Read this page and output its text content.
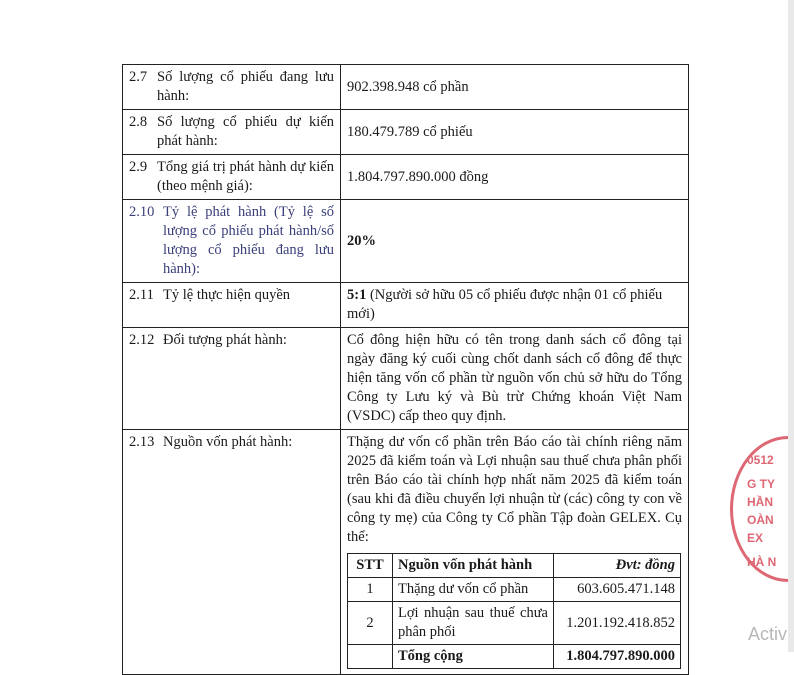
2.7 Số lượng cổ phiếu đang lưu hành:
	902.398.948 cổ phần

2.8 Số lượng cổ phiếu dự kiến phát hành:
	180.479.789 cổ phiếu

2.9 Tổng giá trị phát hành dự kiến (theo mệnh giá):
	1.804.797.890.000 đồng

2.10 Tỷ lệ phát hành (Tỷ lệ số lượng cổ phiếu phát hành/số lượng cổ phiếu đang lưu hành):
	20%

2.11 Tỷ lệ thực hiện quyền	5:1 (Người sở hữu 05 cổ phiếu được nhận 01 cổ phiếu mới)

2.12 Đối tượng phát hành:	Cổ đông hiện hữu có tên trong danh sách cổ đông tại ngày đăng ký cuối cùng chốt danh sách cổ đông để thực hiện tăng vốn cổ phần từ nguồn vốn chủ sở hữu do Tổng Công ty Lưu ký và Bù trừ Chứng khoán Việt Nam (VSDC) cấp theo quy định.

2.13 Nguồn vốn phát hành:	Thặng dư vốn cổ phần trên Báo cáo tài chính riêng năm 2025 đã kiểm toán và Lợi nhuận sau thuế chưa phân phối trên Báo cáo tài chính hợp nhất năm 2025 đã kiểm toán (sau khi đã điều chuyển lợi nhuận từ (các) công ty con về công ty mẹ) của Công ty Cổ phần Tập đoàn GELEX. Cụ thể:
STT	Nguồn vốn phát hành	Đvt: đồng
1	Thặng dư vốn cổ phần	603.605.471.148
2	Lợi nhuận sau thuế chưa phân phối	1.201.192.418.852
	Tổng cộng	1.804.797.890.000
0512
G TY
HẦN
OÀN
EX
HÀ N
Activ
